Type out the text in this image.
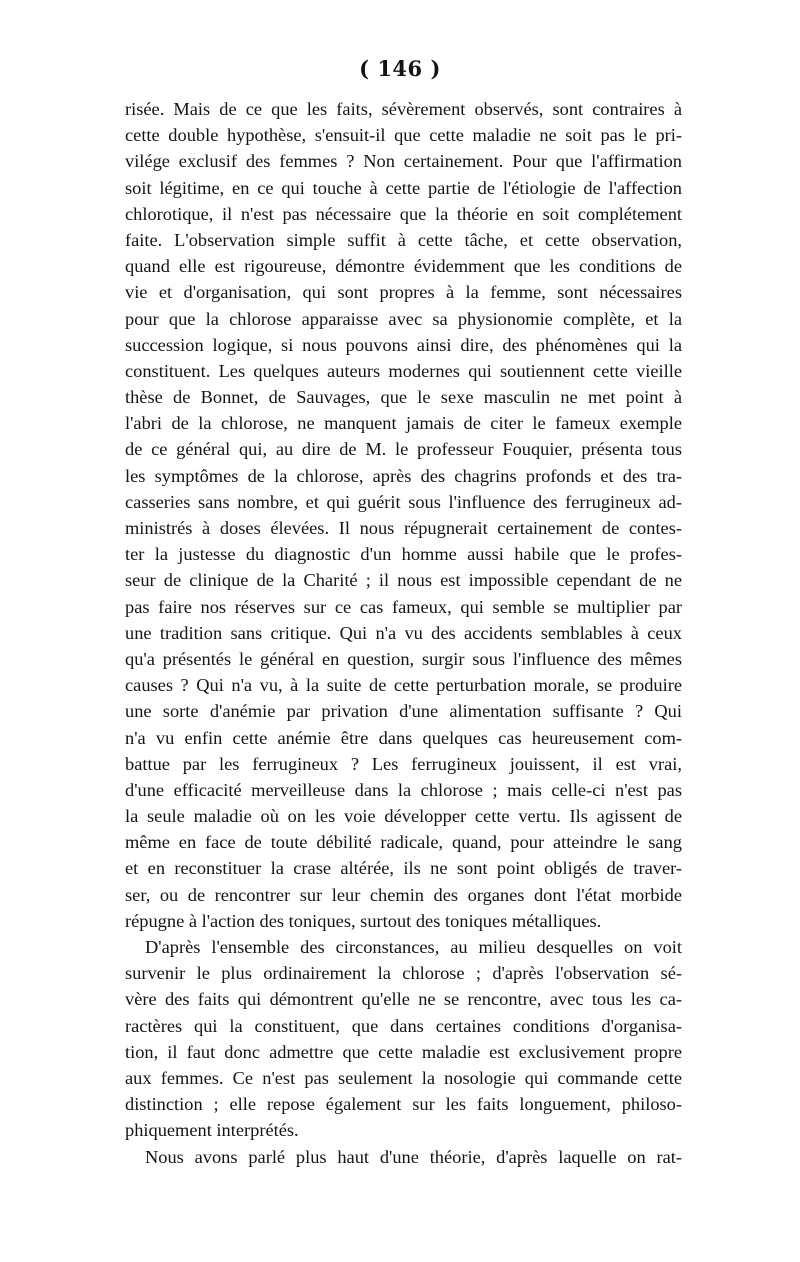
( 146 )

risée. Mais de ce que les faits, sévèrement observés, sont contraires à
cette double hypothèse, s'ensuit-il que cette maladie ne soit pas le pri-
vilége exclusif des femmes ? Non certainement. Pour que l'affirmation
soit légitime, en ce qui touche à cette partie de l'étiologie de l'affection
chlorotique, il n'est pas nécessaire que la théorie en soit complétement
faite. L'observation simple suffit à cette tâche, et cette observation,
quand elle est rigoureuse, démontre évidemment que les conditions de
vie et d'organisation, qui sont propres à la femme, sont nécessaires
pour que la chlorose apparaisse avec sa physionomie complète, et la
succession logique, si nous pouvons ainsi dire, des phénomènes qui la
constituent. Les quelques auteurs modernes qui soutiennent cette vieille
thèse de Bonnet, de Sauvages, que le sexe masculin ne met point à
l'abri de la chlorose, ne manquent jamais de citer le fameux exemple
de ce général qui, au dire de M. le professeur Fouquier, présenta tous
les symptômes de la chlorose, après des chagrins profonds et des tra-
casseries sans nombre, et qui guérit sous l'influence des ferrugineux ad-
ministrés à doses élevées. Il nous répugnerait certainement de contes-
ter la justesse du diagnostic d'un homme aussi habile que le profes-
seur de clinique de la Charité ; il nous est impossible cependant de ne
pas faire nos réserves sur ce cas fameux, qui semble se multiplier par
une tradition sans critique. Qui n'a vu des accidents semblables à ceux
qu'a présentés le général en question, surgir sous l'influence des mêmes
causes ? Qui n'a vu, à la suite de cette perturbation morale, se produire
une sorte d'anémie par privation d'une alimentation suffisante ? Qui
n'a vu enfin cette anémie être dans quelques cas heureusement com-
battue par les ferrugineux ? Les ferrugineux jouissent, il est vrai,
d'une efficacité merveilleuse dans la chlorose ; mais celle-ci n'est pas
la seule maladie où on les voie développer cette vertu. Ils agissent de
même en face de toute débilité radicale, quand, pour atteindre le sang
et en reconstituer la crase altérée, ils ne sont point obligés de traver-
ser, ou de rencontrer sur leur chemin des organes dont l'état morbide
répugne à l'action des toniques, surtout des toniques métalliques.
D'après l'ensemble des circonstances, au milieu desquelles on voit
survenir le plus ordinairement la chlorose ; d'après l'observation sé-
vère des faits qui démontrent qu'elle ne se rencontre, avec tous les ca-
ractères qui la constituent, que dans certaines conditions d'organisa-
tion, il faut donc admettre que cette maladie est exclusivement propre
aux femmes. Ce n'est pas seulement la nosologie qui commande cette
distinction ; elle repose également sur les faits longuement, philoso-
phiquement interprétés.
Nous avons parlé plus haut d'une théorie, d'après laquelle on rat-
